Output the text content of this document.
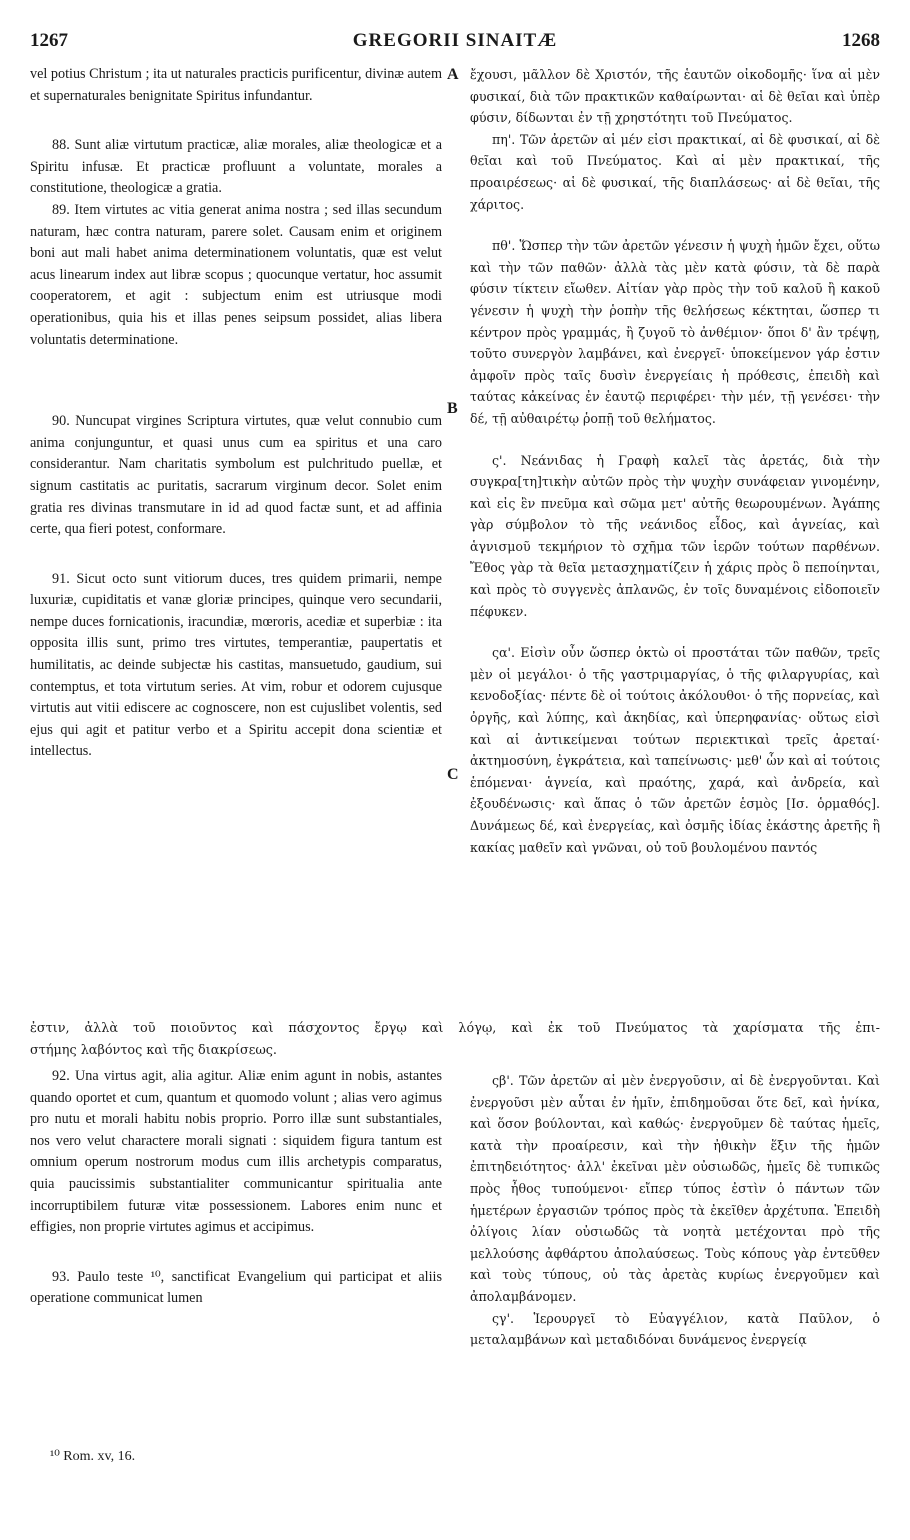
1267	GREGORII SINAITÆ	1268
A
B
C

vel potius Christum ; ita ut naturales practicis purificentur, divinæ autem et supernaturales benignitate Spiritus infundantur.

88. Sunt aliæ virtutum practicæ, aliæ morales, aliæ theologicæ et a Spiritu infusæ. Et practicæ profluunt a voluntate, morales a constitutione, theologicæ a gratia.

89. Item virtutes ac vitia generat anima nostra ; sed illas secundum naturam, hæc contra naturam, parere solet. Causam enim et originem boni aut mali habet anima determinationem voluntatis, quæ est velut acus linearum index aut libræ scopus ; quocunque vertatur, hoc assumit cooperatorem, et agit : subjectum enim est utriusque modi operationibus, quia his et illas penes seipsum possidet, alias libera voluntatis determinatione.

90. Nuncupat virgines Scriptura virtutes, quæ velut connubio cum anima conjunguntur, et quasi unus cum ea spiritus et una caro considerantur. Nam charitatis symbolum est pulchritudo puellæ, et signum castitatis ac puritatis, sacrarum virginum decor. Solet enim gratia res divinas transmutare in id ad quod factæ sunt, et ad affinia certe, qua fieri potest, conformare.

91. Sicut octo sunt vitiorum duces, tres quidem primarii, nempe luxuriæ, cupiditatis et vanæ gloriæ principes, quinque vero secundarii, nempe duces fornicationis, iracundiæ, mœroris, acediæ et superbiæ : ita opposita illis sunt, primo tres virtutes, temperantiæ, paupertatis et humilitatis, ac deinde subjectæ his castitas, mansuetudo, gaudium, sui contemptus, et tota virtutum series. At vim, robur et odorem cujusque virtutis aut vitii ediscere ac cognoscere, non est cujuslibet volentis, sed ejus qui agit et patitur verbo et a Spiritu accepit dona scientiæ et intellectus.

ἔχουσι, μᾶλλον δὲ Χριστόν, τῆς ἑαυτῶν οἰκοδομῆς· ἵνα αἱ μὲν φυσικαί, διὰ τῶν πρακτικῶν καθαίρωνται· αἱ δὲ θεῖαι καὶ ὑπὲρ φύσιν, δίδωνται ἐν τῇ χρηστότητι τοῦ Πνεύματος.

πη'. Τῶν ἀρετῶν αἱ μέν εἰσι πρακτικαί, αἱ δὲ φυσικαί, αἱ δὲ θεῖαι καὶ τοῦ Πνεύματος. Καὶ αἱ μὲν πρακτικαί, τῆς προαιρέσεως· αἱ δὲ φυσικαί, τῆς διαπλάσεως· αἱ δὲ θεῖαι, τῆς χάριτος.

πθ'. Ὥσπερ τὴν τῶν ἀρετῶν γένεσιν ἡ ψυχὴ ἡμῶν ἔχει, οὕτω καὶ τὴν τῶν παθῶν· ἀλλὰ τὰς μὲν κατὰ φύσιν, τὰ δὲ παρὰ φύσιν τίκτειν εἴωθεν. Αἰτίαν γὰρ πρὸς τὴν τοῦ καλοῦ ἢ κακοῦ γένεσιν ἡ ψυχὴ τὴν ῥοπὴν τῆς θελήσεως κέκτηται, ὥσπερ τι κέντρον πρὸς γραμμάς, ἢ ζυγοῦ τὸ ἀνθέμιον· ὅποι δ' ἂν τρέψῃ, τοῦτο συνεργὸν λαμβάνει, καὶ ἐνεργεῖ· ὑποκείμενον γάρ ἐστιν ἀμφοῖν πρὸς ταῖς δυσὶν ἐνεργείαις ἡ πρόθεσις, ἐπειδὴ καὶ ταύτας κἀκείνας ἐν ἑαυτῷ περιφέρει· τὴν μέν, τῇ γενέσει· τὴν δέ, τῇ αὐθαιρέτῳ ῥοπῇ τοῦ θελήματος.

ς'. Νεάνιδας ἡ Γραφὴ καλεῖ τὰς ἀρετάς, διὰ τὴν συγκρα[τη]τικὴν αὐτῶν πρὸς τὴν ψυχὴν συνάφειαν γινομένην, καὶ εἰς ἓν πνεῦμα καὶ σῶμα μετ' αὐτῆς θεωρουμένων. Ἀγάπης γὰρ σύμβολον τὸ τῆς νεάνιδος εἶδος, καὶ ἁγνείας, καὶ ἁγνισμοῦ τεκμήριον τὸ σχῆμα τῶν ἱερῶν τούτων παρθένων. Ἔθος γὰρ τὰ θεῖα μετασχηματίζειν ἡ χάρις πρὸς ὃ πεποίηνται, καὶ πρὸς τὸ συγγενὲς ἀπλανῶς, ἐν τοῖς δυναμένοις εἰδοποιεῖν πέφυκεν.

ςα'. Εἰσὶν οὖν ὥσπερ ὀκτὼ οἱ προστάται τῶν παθῶν, τρεῖς μὲν οἱ μεγάλοι· ὁ τῆς γαστριμαργίας, ὁ τῆς φιλαργυρίας, καὶ κενοδοξίας· πέντε δὲ οἱ τούτοις ἀκόλουθοι· ὁ τῆς πορνείας, καὶ ὀργῆς, καὶ λύπης, καὶ ἀκηδίας, καὶ ὑπερηφανίας· οὕτως εἰσὶ καὶ αἱ ἀντικείμεναι τούτων περιεκτικαὶ τρεῖς ἀρεταί· ἀκτημοσύνη, ἐγκράτεια, καὶ ταπείνωσις· μεθ' ὧν καὶ αἱ τούτοις ἑπόμεναι· ἁγνεία, καὶ πραότης, χαρά, καὶ ἀνδρεία, καὶ ἐξουδένωσις· καὶ ἅπας ὁ τῶν ἀρετῶν ἑσμὸς [Ισ. ὁρμαθός]. Δυνάμεως δέ, καὶ ἐνεργείας, καὶ ὀσμῆς ἰδίας ἑκάστης ἀρετῆς ἢ κακίας μαθεῖν καὶ γνῶναι, οὐ τοῦ βουλομένου παντός

ἐστιν, ἀλλὰ τοῦ ποιοῦντος καὶ πάσχοντος ἔργῳ καὶ λόγῳ, καὶ ἐκ τοῦ Πνεύματος τὰ χαρίσματα τῆς ἐπι-
στήμης λαβόντος καὶ τῆς διακρίσεως.

92. Una virtus agit, alia agitur. Aliæ enim agunt in nobis, astantes quando oportet et cum, quantum et quomodo volunt ; alias vero agimus pro nutu et morali habitu nobis proprio. Porro illæ sunt substantiales, nos vero velut charactere morali signati : siquidem figura tantum est omnium operum nostrorum modus cum illis archetypis comparatus, quia paucissimis substantialiter communicantur spiritualia ante incorruptibilem futuræ vitæ possessionem. Labores enim nunc et effigies, non proprie virtutes agimus et accipimus.

93. Paulo teste ¹⁰, sanctificat Evangelium qui participat et aliis operatione communicat lumen

ςβ'. Τῶν ἀρετῶν αἱ μὲν ἐνεργοῦσιν, αἱ δὲ ἐνεργοῦνται. Καὶ ἐνεργοῦσι μὲν αὗται ἐν ἡμῖν, ἐπιδημοῦσαι ὅτε δεῖ, καὶ ἡνίκα, καὶ ὅσον βούλονται, καὶ καθώς· ἐνεργοῦμεν δὲ ταύτας ἡμεῖς, κατὰ τὴν προαίρεσιν, καὶ τὴν ἠθικὴν ἕξιν τῆς ἡμῶν ἐπιτηδειότητος· ἀλλ' ἐκεῖναι μὲν οὐσιωδῶς, ἡμεῖς δὲ τυπικῶς πρὸς ἦθος τυπούμενοι· εἴπερ τύπος ἐστὶν ὁ πάντων τῶν ἡμετέρων ἐργασιῶν τρόπος πρὸς τὰ ἐκεῖθεν ἀρχέτυπα. Ἐπειδὴ ὀλίγοις λίαν οὐσιωδῶς τὰ νοητὰ μετέχονται πρὸ τῆς μελλούσης ἀφθάρτου ἀπολαύσεως. Τοὺς κόπους γὰρ ἐντεῦθεν καὶ τοὺς τύπους, οὐ τὰς ἀρετὰς κυρίως ἐνεργοῦμεν καὶ ἀπολαμβάνομεν.

ςγ'. Ἱερουργεῖ τὸ Εὐαγγέλιον, κατὰ Παῦλον, ὁ μεταλαμβάνων καὶ μεταδιδόναι δυνάμενος ἐνεργείᾳ

¹⁰ Rom. xv, 16.
